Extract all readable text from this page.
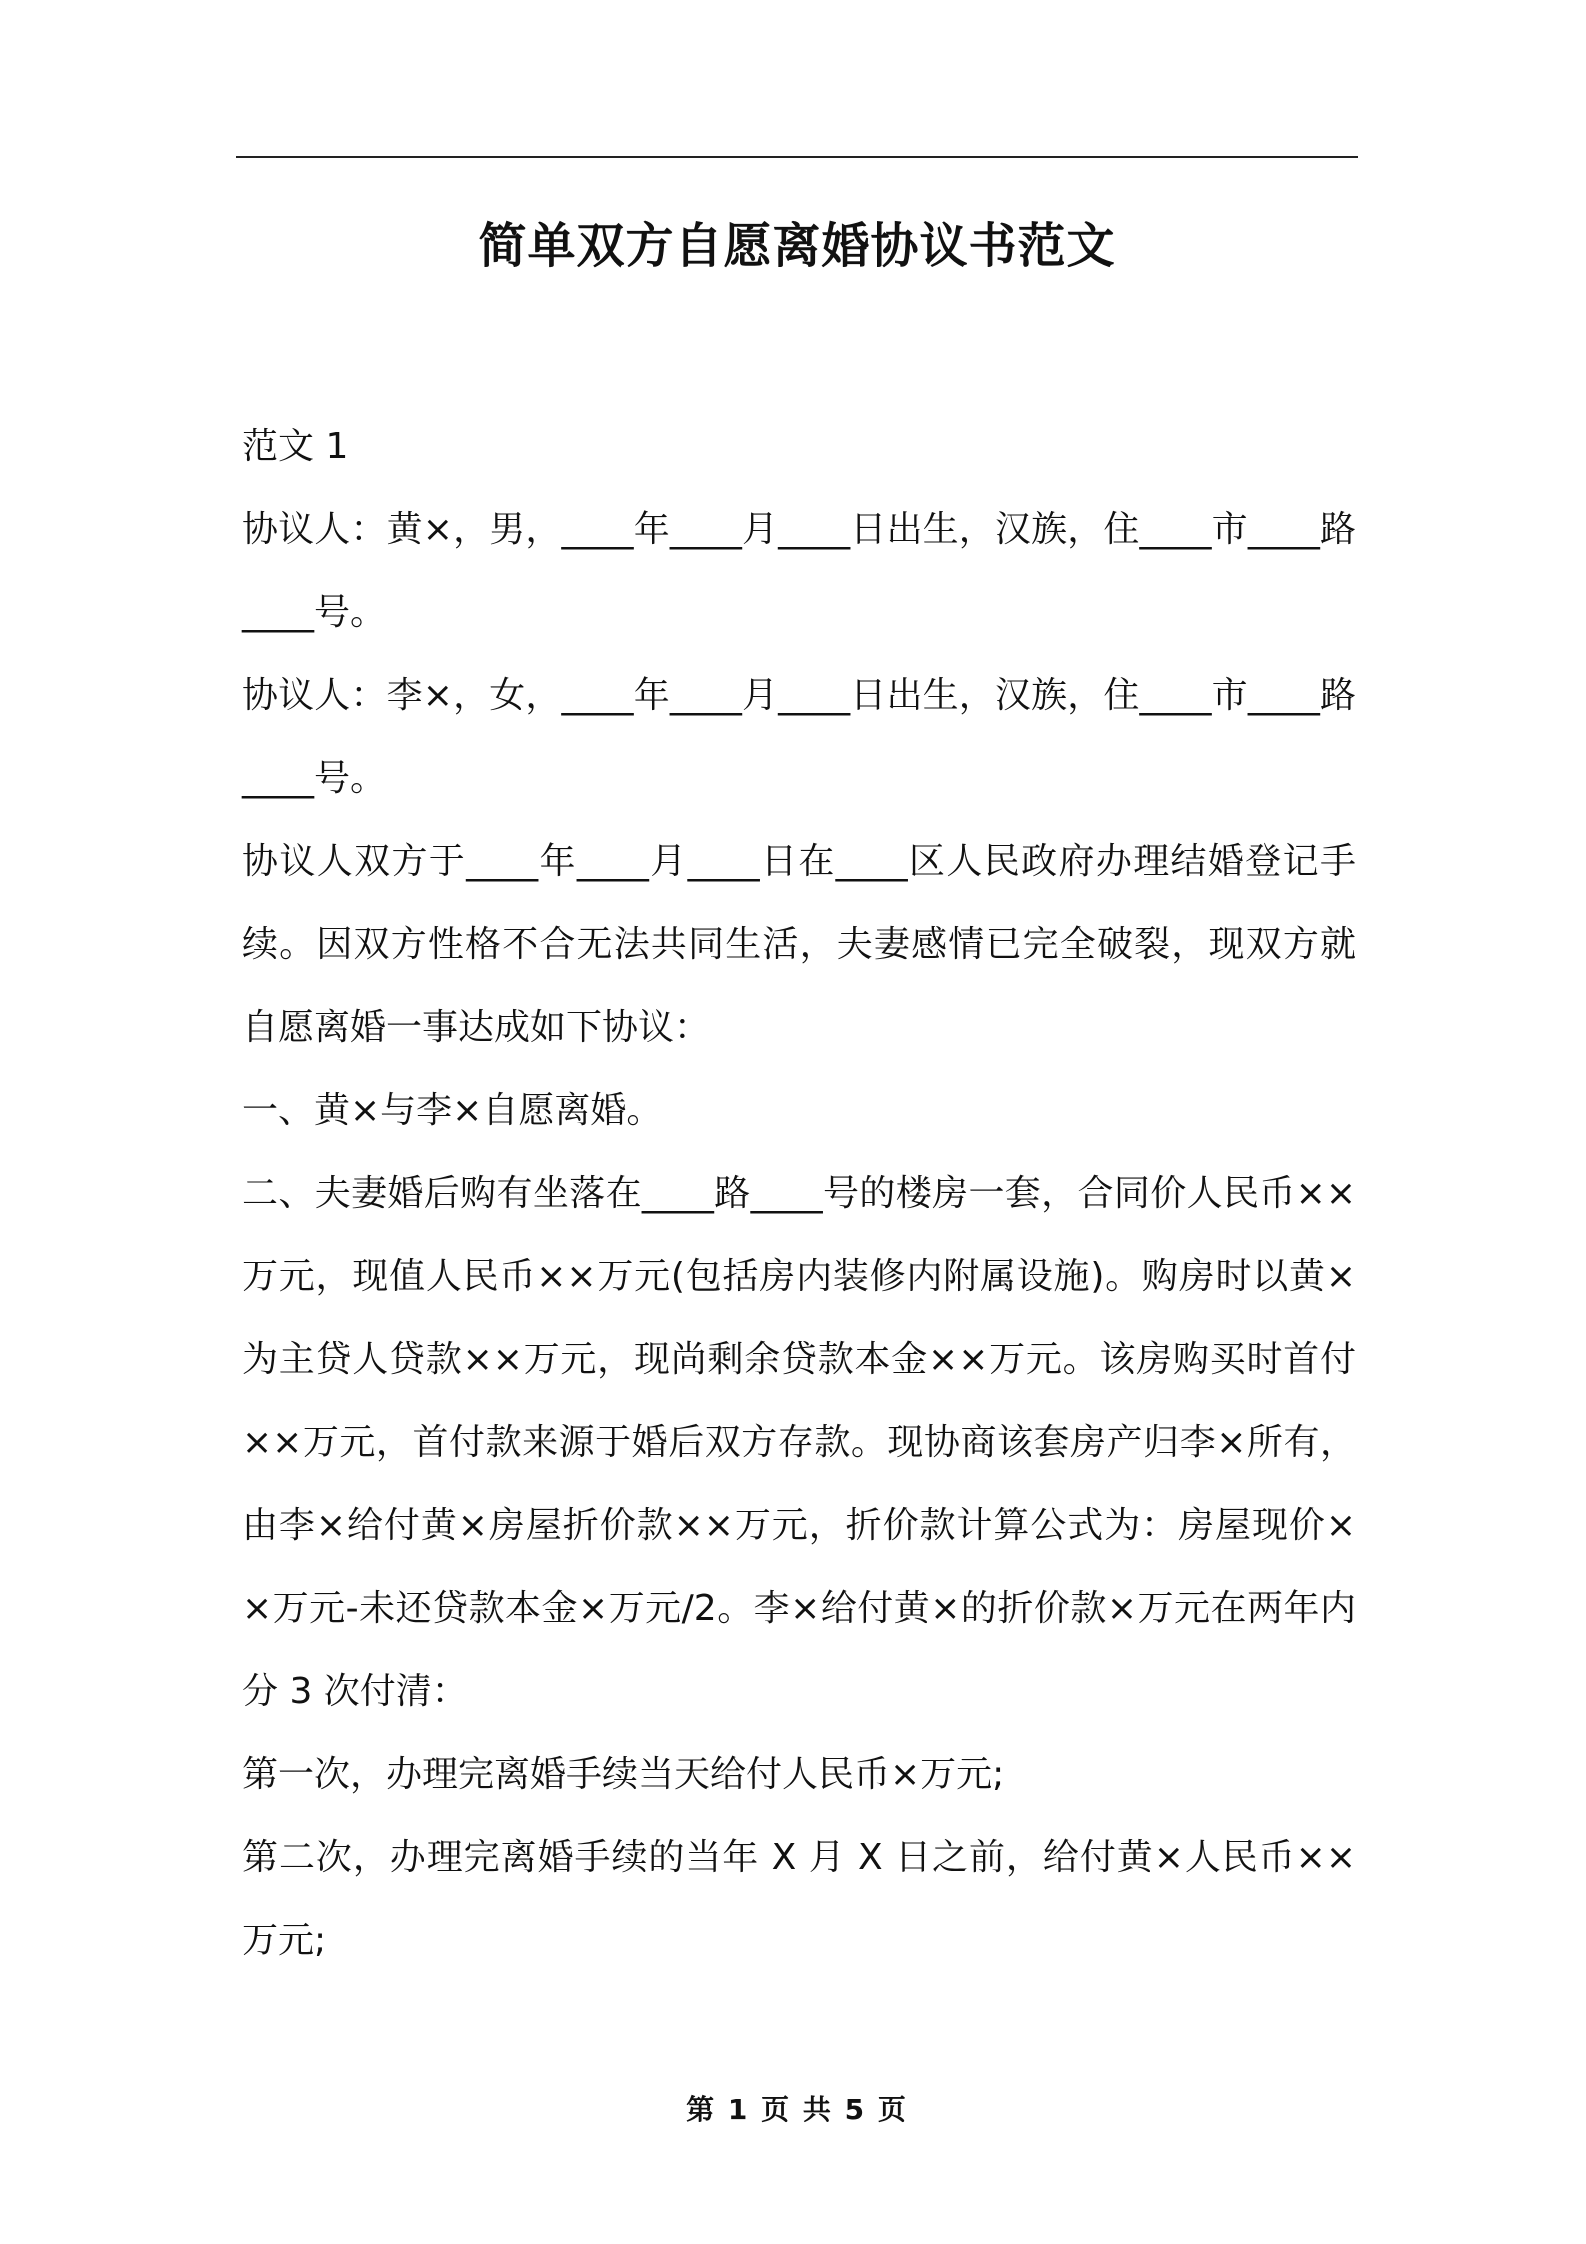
简单双方自愿离婚协议书范文

范文 1

协议人：黄×，男，____年____月____日出生，汉族，住____市____路____号。

协议人：李×，女，____年____月____日出生，汉族，住____市____路____号。

协议人双方于____年____月____日在____区人民政府办理结婚登记手续。因双方性格不合无法共同生活，夫妻感情已完全破裂，现双方就自愿离婚一事达成如下协议：

一、黄×与李×自愿离婚。

二、夫妻婚后购有坐落在____路____号的楼房一套，合同价人民币××万元，现值人民币××万元(包括房内装修内附属设施)。购房时以黄×为主贷人贷款××万元，现尚剩余贷款本金××万元。该房购买时首付××万元，首付款来源于婚后双方存款。现协商该套房产归李×所有，由李×给付黄×房屋折价款××万元，折价款计算公式为：房屋现价××万元-未还贷款本金×万元/2。李×给付黄×的折价款×万元在两年内分 3 次付清：

第一次，办理完离婚手续当天给付人民币×万元;

第二次，办理完离婚手续的当年 X 月 X 日之前，给付黄×人民币××万元;

第 1 页 共 5 页
